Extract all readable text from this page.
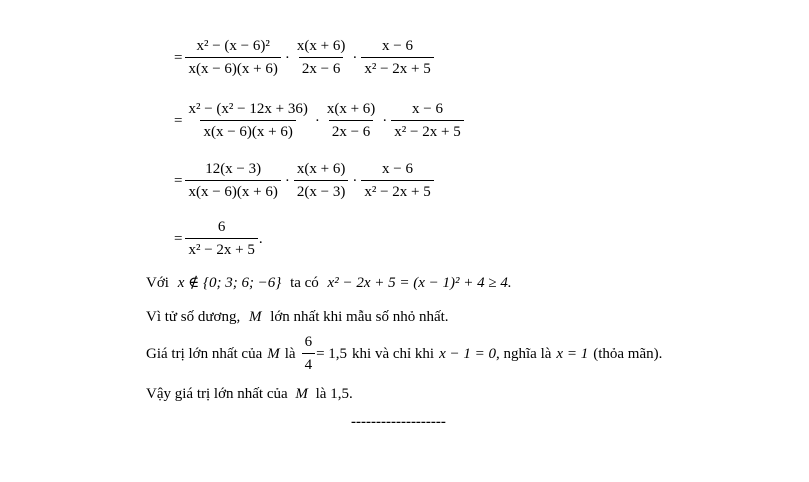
= $\frac{\text{x² − (x − 6)²}}{x(x - 6)(x + 6)} \cdot \frac{x(x + 6)}{2x - 6} \cdot \frac{x - 6}{\text{x² − 2x + 5}}$
= $\frac{\text{x² − (x² − 12x + 36)}}{x(x - 6)(x + 6)} \cdot \frac{x(x + 6)}{2x - 6} \cdot \frac{x - 6}{\text{x² − 2x + 5}}$
= $\frac{12(x - 3)}{x(x - 6)(x + 6)} \cdot \frac{x(x + 6)}{2(x - 3)} \cdot \frac{x - 6}{\text{x² − 2x + 5}}$
= $\frac{6}{\text{x² − 2x + 5}}$ .
Với x ∉ {0; 3; 6; −6} ta có x² − 2x + 5 = (x − 1)² + 4 ≥ 4.
Vì tử số dương, M lớn nhất khi mẫu số nhỏ nhất.
Giá trị lớn nhất của M là $\frac{6}{4} = 1,5$ khi và chỉ khi x − 1 = 0 , nghĩa là x = 1 (thỏa mãn).
Vậy giá trị lớn nhất của M là 1,5.
-------------------
